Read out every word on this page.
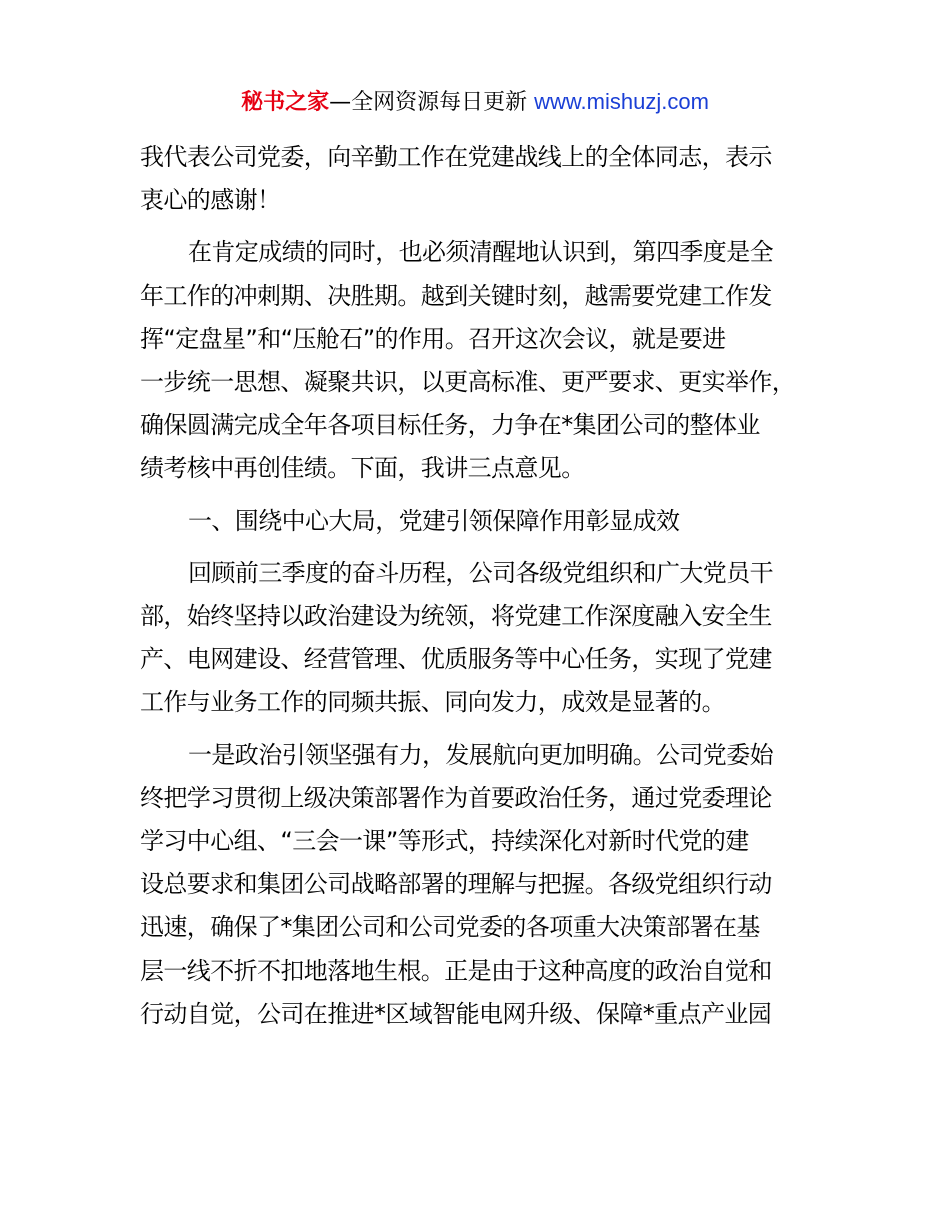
秘书之家—全网资源每日更新 www.mishuzj.com

我代表公司党委，向辛勤工作在党建战线上的全体同志，表示
衷心的感谢！

在肯定成绩的同时，也必须清醒地认识到，第四季度是全
年工作的冲刺期、决胜期。越到关键时刻，越需要党建工作发
挥“定盘星”和“压舱石”的作用。召开这次会议，就是要进
一步统一思想、凝聚共识，以更高标准、更严要求、更实举作，
确保圆满完成全年各项目标任务，力争在*集团公司的整体业
绩考核中再创佳绩。下面，我讲三点意见。

一、围绕中心大局，党建引领保障作用彰显成效

回顾前三季度的奋斗历程，公司各级党组织和广大党员干
部，始终坚持以政治建设为统领，将党建工作深度融入安全生
产、电网建设、经营管理、优质服务等中心任务，实现了党建
工作与业务工作的同频共振、同向发力，成效是显著的。

一是政治引领坚强有力，发展航向更加明确。公司党委始
终把学习贯彻上级决策部署作为首要政治任务，通过党委理论
学习中心组、“三会一课”等形式，持续深化对新时代党的建
设总要求和集团公司战略部署的理解与把握。各级党组织行动
迅速，确保了*集团公司和公司党委的各项重大决策部署在基
层一线不折不扣地落地生根。正是由于这种高度的政治自觉和
行动自觉，公司在推进*区域智能电网升级、保障*重点产业园
